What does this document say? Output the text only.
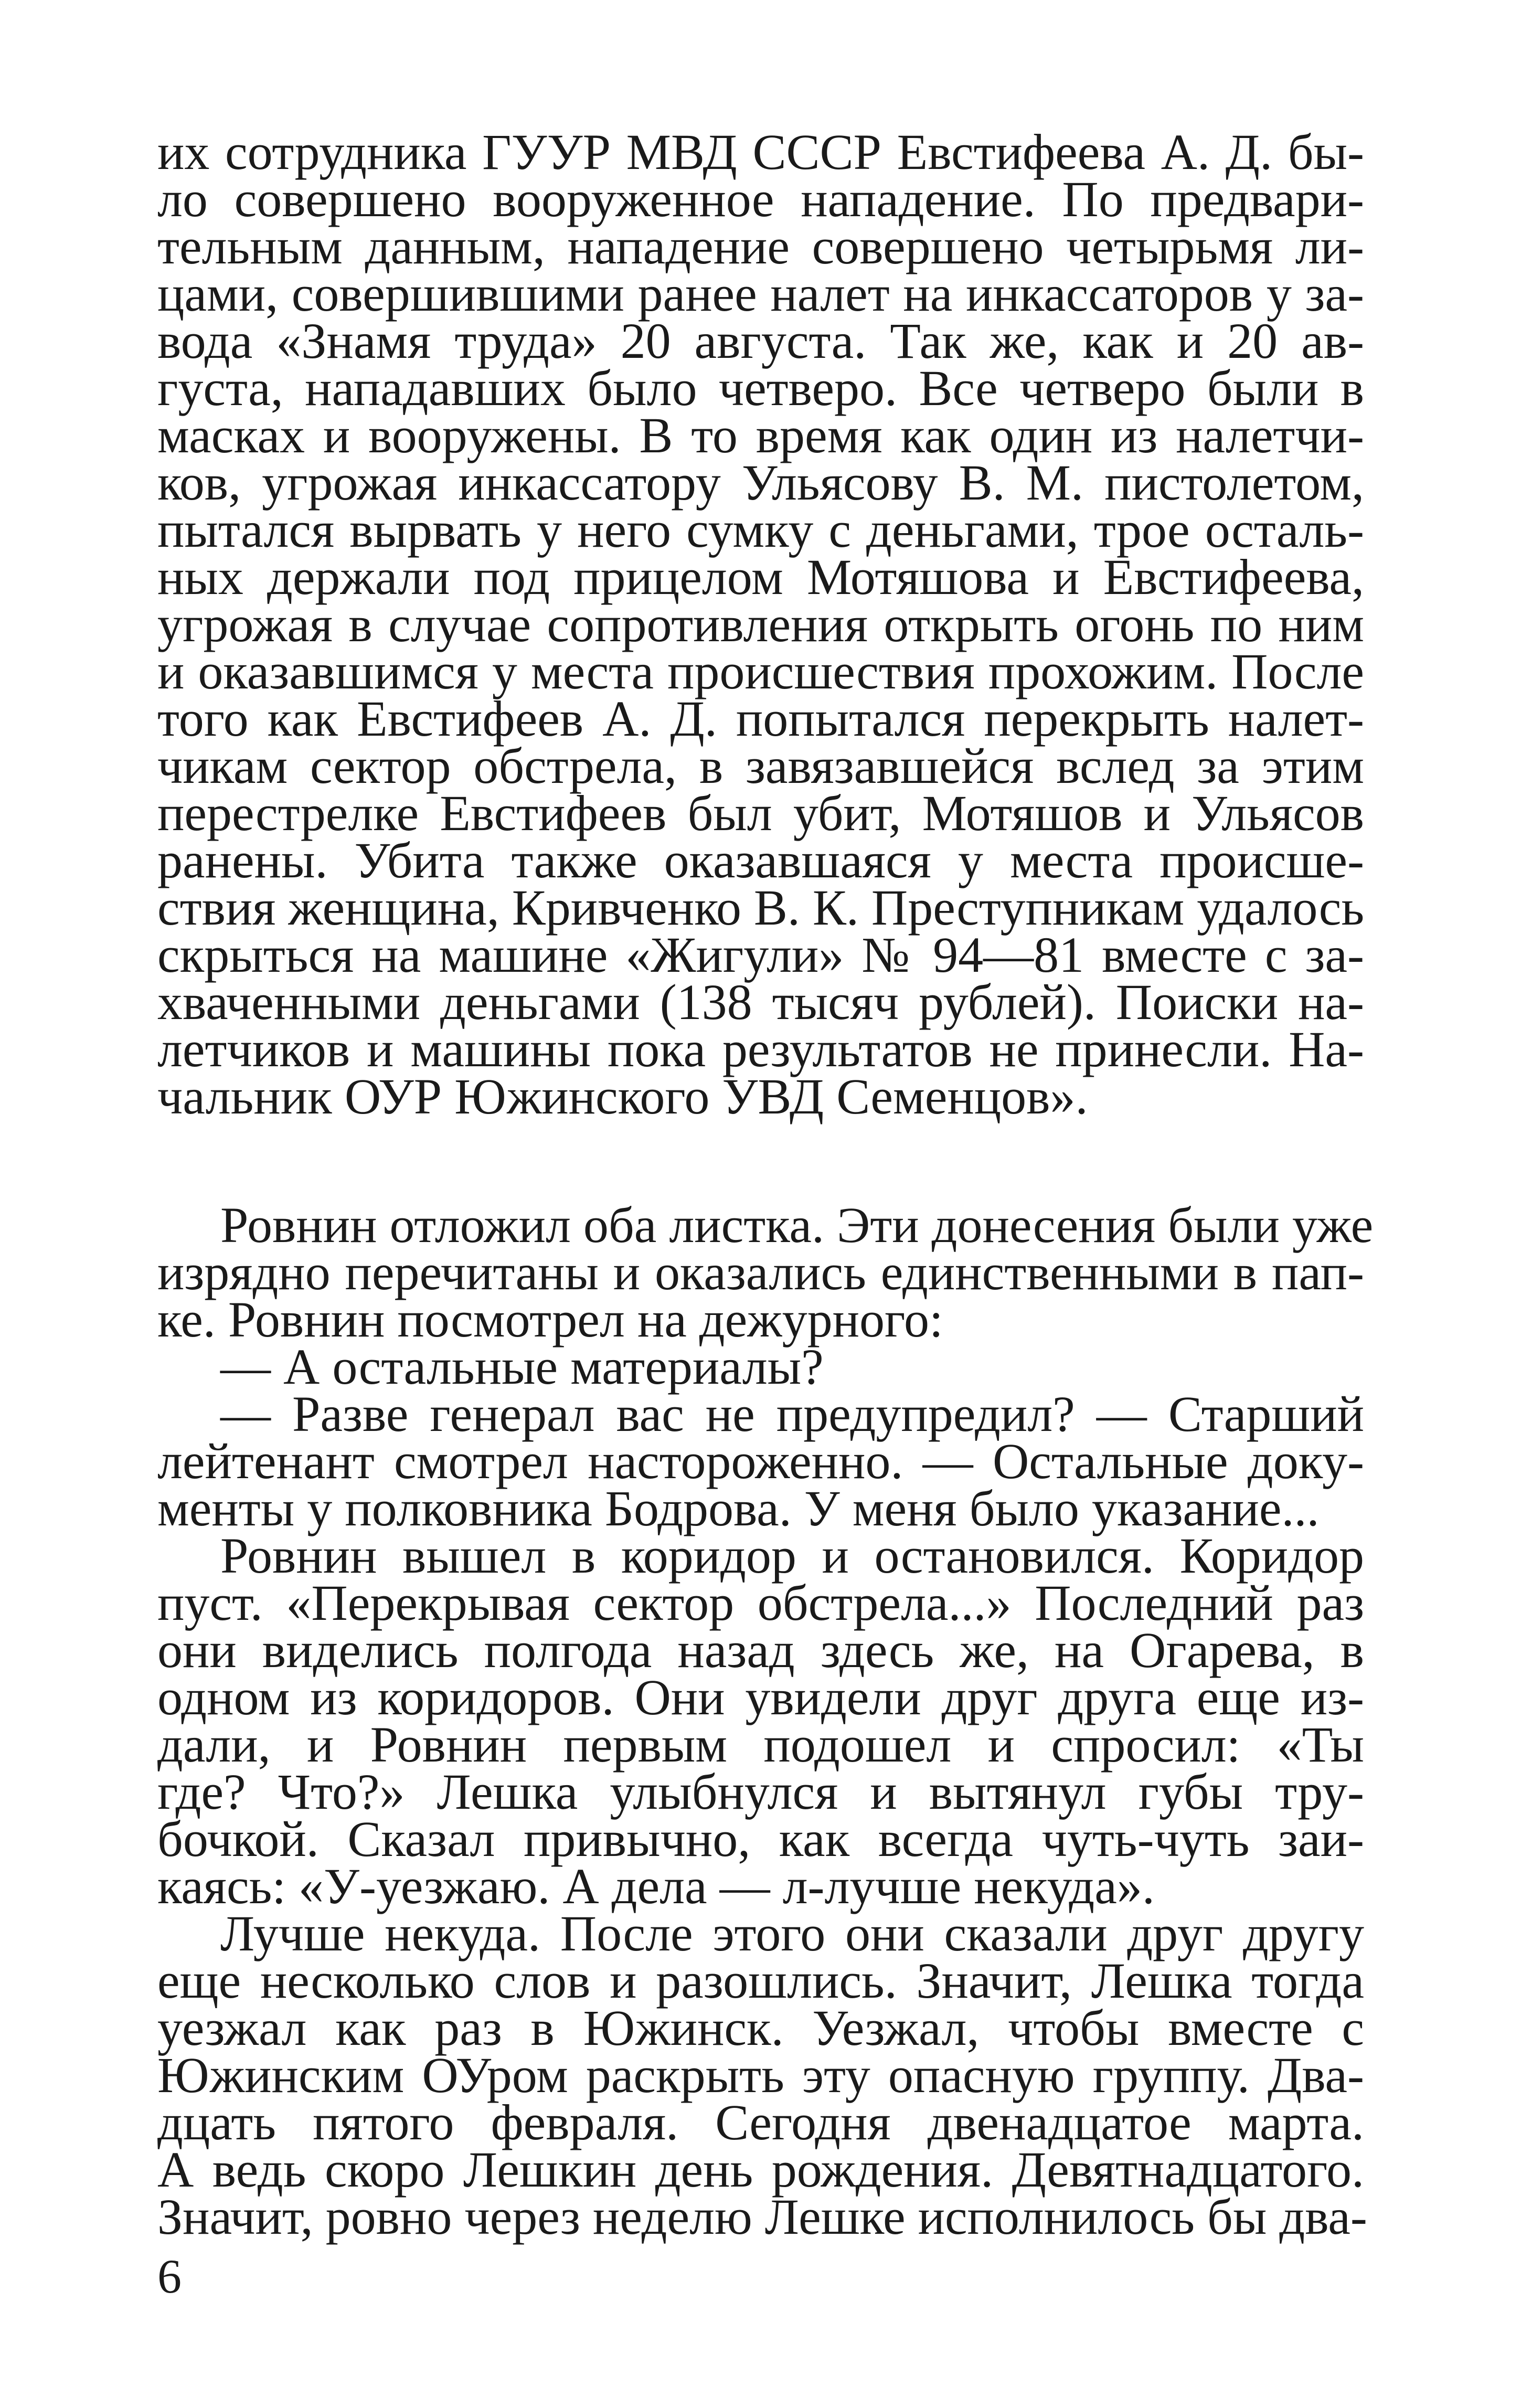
их сотрудника ГУУР МВД СССР Евстифеева А. Д. бы-
ло совершено вооруженное нападение. По предвари-
тельным данным, нападение совершено четырьмя ли-
цами, совершившими ранее налет на инкассаторов у за-
вода «Знамя труда» 20 августа. Так же, как и 20 ав-
густа, нападавших было четверо. Все четверо были в
масках и вооружены. В то время как один из налетчи-
ков, угрожая инкассатору Ульясову В. М. пистолетом,
пытался вырвать у него сумку с деньгами, трое осталь-
ных держали под прицелом Мотяшова и Евстифеева,
угрожая в случае сопротивления открыть огонь по ним
и оказавшимся у места происшествия прохожим. После
того как Евстифеев А. Д. попытался перекрыть налет-
чикам сектор обстрела, в завязавшейся вслед за этим
перестрелке Евстифеев был убит, Мотяшов и Ульясов
ранены. Убита также оказавшаяся у места происше-
ствия женщина, Кривченко В. К. Преступникам удалось
скрыться на машине «Жигули» № 94—81 вместе с за-
хваченными деньгами (138 тысяч рублей). Поиски на-
летчиков и машины пока результатов не принесли. На-
чальник ОУР Южинского УВД Семенцов».
Ровнин отложил оба листка. Эти донесения были уже
изрядно перечитаны и оказались единственными в пап-
ке. Ровнин посмотрел на дежурного:
— А остальные материалы?
— Разве генерал вас не предупредил? — Старший
лейтенант смотрел настороженно. — Остальные доку-
менты у полковника Бодрова. У меня было указание...
Ровнин вышел в коридор и остановился. Коридор
пуст. «Перекрывая сектор обстрела...» Последний раз
они виделись полгода назад здесь же, на Огарева, в
одном из коридоров. Они увидели друг друга еще из-
дали, и Ровнин первым подошел и спросил: «Ты
где? Что?» Лешка улыбнулся и вытянул губы тру-
бочкой. Сказал привычно, как всегда чуть-чуть заи-
каясь: «У-уезжаю. А дела — л-лучше некуда».
Лучше некуда. После этого они сказали друг другу
еще несколько слов и разошлись. Значит, Лешка тогда
уезжал как раз в Южинск. Уезжал, чтобы вместе с
Южинским ОУром раскрыть эту опасную группу. Два-
дцать пятого февраля. Сегодня двенадцатое марта.
А ведь скоро Лешкин день рождения. Девятнадцатого.
Значит, ровно через неделю Лешке исполнилось бы два-
6
